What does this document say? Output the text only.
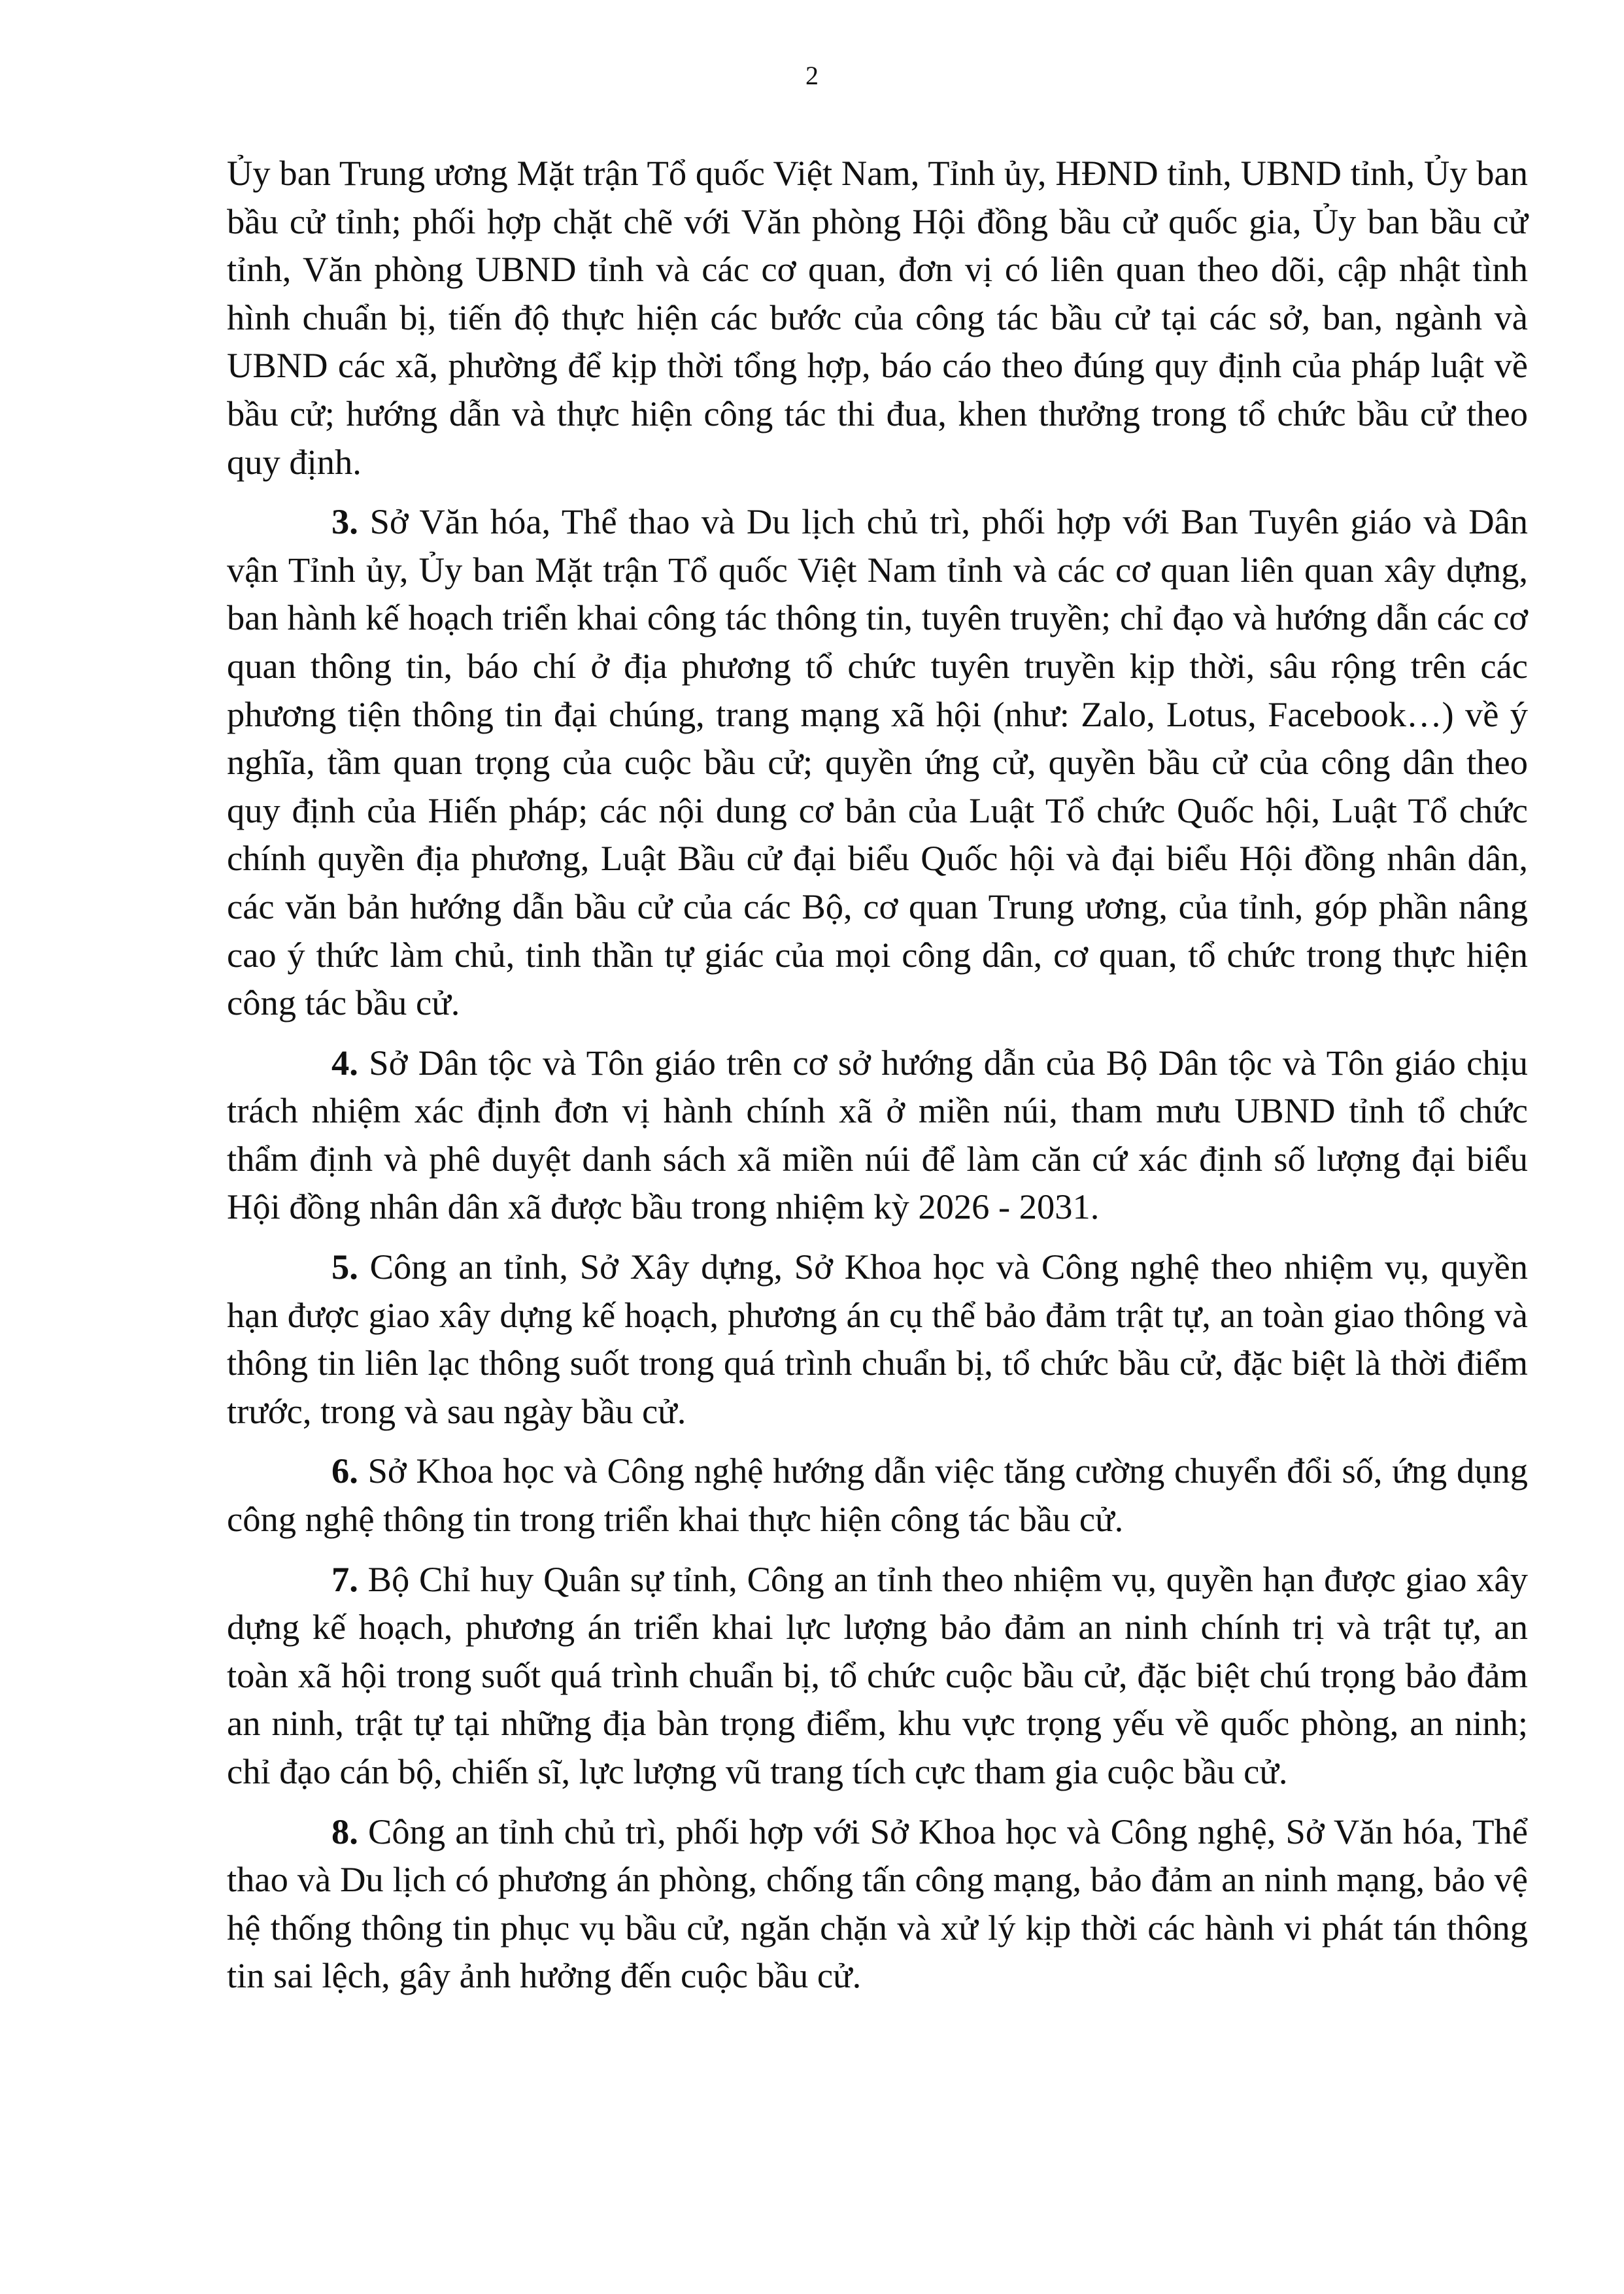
2

Ủy ban Trung ương Mặt trận Tổ quốc Việt Nam, Tỉnh ủy, HĐND tỉnh, UBND tỉnh, Ủy ban bầu cử tỉnh; phối hợp chặt chẽ với Văn phòng Hội đồng bầu cử quốc gia, Ủy ban bầu cử tỉnh, Văn phòng UBND tỉnh và các cơ quan, đơn vị có liên quan theo dõi, cập nhật tình hình chuẩn bị, tiến độ thực hiện các bước của công tác bầu cử tại các sở, ban, ngành và UBND các xã, phường để kịp thời tổng hợp, báo cáo theo đúng quy định của pháp luật về bầu cử; hướng dẫn và thực hiện công tác thi đua, khen thưởng trong tổ chức bầu cử theo quy định.

3. Sở Văn hóa, Thể thao và Du lịch chủ trì, phối hợp với Ban Tuyên giáo và Dân vận Tỉnh ủy, Ủy ban Mặt trận Tổ quốc Việt Nam tỉnh và các cơ quan liên quan xây dựng, ban hành kế hoạch triển khai công tác thông tin, tuyên truyền; chỉ đạo và hướng dẫn các cơ quan thông tin, báo chí ở địa phương tổ chức tuyên truyền kịp thời, sâu rộng trên các phương tiện thông tin đại chúng, trang mạng xã hội (như: Zalo, Lotus, Facebook…) về ý nghĩa, tầm quan trọng của cuộc bầu cử; quyền ứng cử, quyền bầu cử của công dân theo quy định của Hiến pháp; các nội dung cơ bản của Luật Tổ chức Quốc hội, Luật Tổ chức chính quyền địa phương, Luật Bầu cử đại biểu Quốc hội và đại biểu Hội đồng nhân dân, các văn bản hướng dẫn bầu cử của các Bộ, cơ quan Trung ương, của tỉnh, góp phần nâng cao ý thức làm chủ, tinh thần tự giác của mọi công dân, cơ quan, tổ chức trong thực hiện công tác bầu cử.

4. Sở Dân tộc và Tôn giáo trên cơ sở hướng dẫn của Bộ Dân tộc và Tôn giáo chịu trách nhiệm xác định đơn vị hành chính xã ở miền núi, tham mưu UBND tỉnh tổ chức thẩm định và phê duyệt danh sách xã miền núi để làm căn cứ xác định số lượng đại biểu Hội đồng nhân dân xã được bầu trong nhiệm kỳ 2026 - 2031.

5. Công an tỉnh, Sở Xây dựng, Sở Khoa học và Công nghệ theo nhiệm vụ, quyền hạn được giao xây dựng kế hoạch, phương án cụ thể bảo đảm trật tự, an toàn giao thông và thông tin liên lạc thông suốt trong quá trình chuẩn bị, tổ chức bầu cử, đặc biệt là thời điểm trước, trong và sau ngày bầu cử.

6. Sở Khoa học và Công nghệ hướng dẫn việc tăng cường chuyển đổi số, ứng dụng công nghệ thông tin trong triển khai thực hiện công tác bầu cử.

7. Bộ Chỉ huy Quân sự tỉnh, Công an tỉnh theo nhiệm vụ, quyền hạn được giao xây dựng kế hoạch, phương án triển khai lực lượng bảo đảm an ninh chính trị và trật tự, an toàn xã hội trong suốt quá trình chuẩn bị, tổ chức cuộc bầu cử, đặc biệt chú trọng bảo đảm an ninh, trật tự tại những địa bàn trọng điểm, khu vực trọng yếu về quốc phòng, an ninh; chỉ đạo cán bộ, chiến sĩ, lực lượng vũ trang tích cực tham gia cuộc bầu cử.

8. Công an tỉnh chủ trì, phối hợp với Sở Khoa học và Công nghệ, Sở Văn hóa, Thể thao và Du lịch có phương án phòng, chống tấn công mạng, bảo đảm an ninh mạng, bảo vệ hệ thống thông tin phục vụ bầu cử, ngăn chặn và xử lý kịp thời các hành vi phát tán thông tin sai lệch, gây ảnh hưởng đến cuộc bầu cử.
